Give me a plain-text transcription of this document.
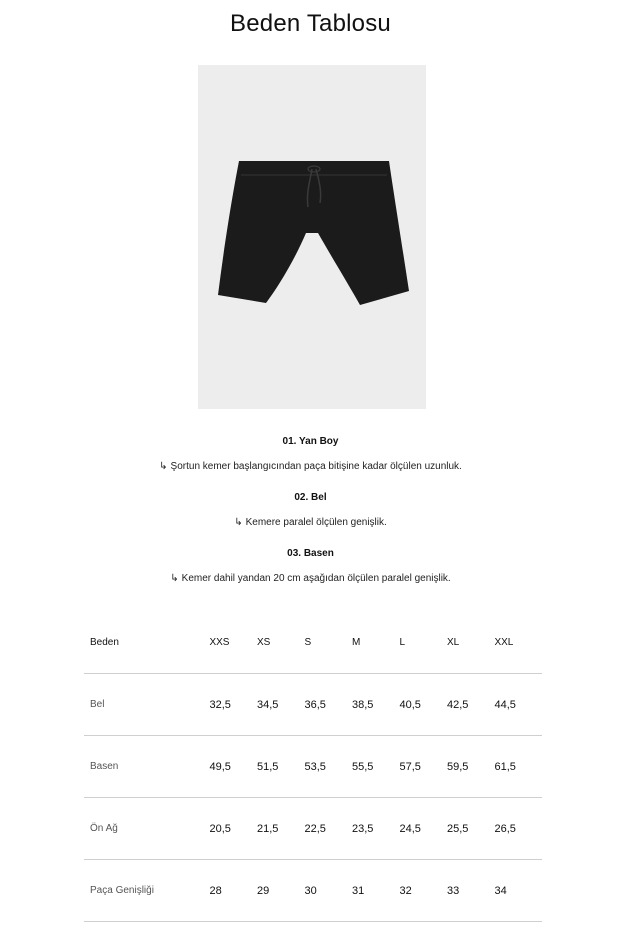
Beden Tablosu
01. Yan Boy
↳ Şortun kemer başlangıcından paça bitişine kadar ölçülen uzunluk.
02. Bel
↳ Kemere paralel ölçülen genişlik.
03. Basen
↳ Kemer dahil yandan 20 cm aşağıdan ölçülen paralel genişlik.
Beden	XXS	XS	S	M	L	XL	XXL
Bel	32,5	34,5	36,5	38,5	40,5	42,5	44,5
Basen	49,5	51,5	53,5	55,5	57,5	59,5	61,5
Ön Ağ	20,5	21,5	22,5	23,5	24,5	25,5	26,5
Paça Genişliği	28	29	30	31	32	33	34
